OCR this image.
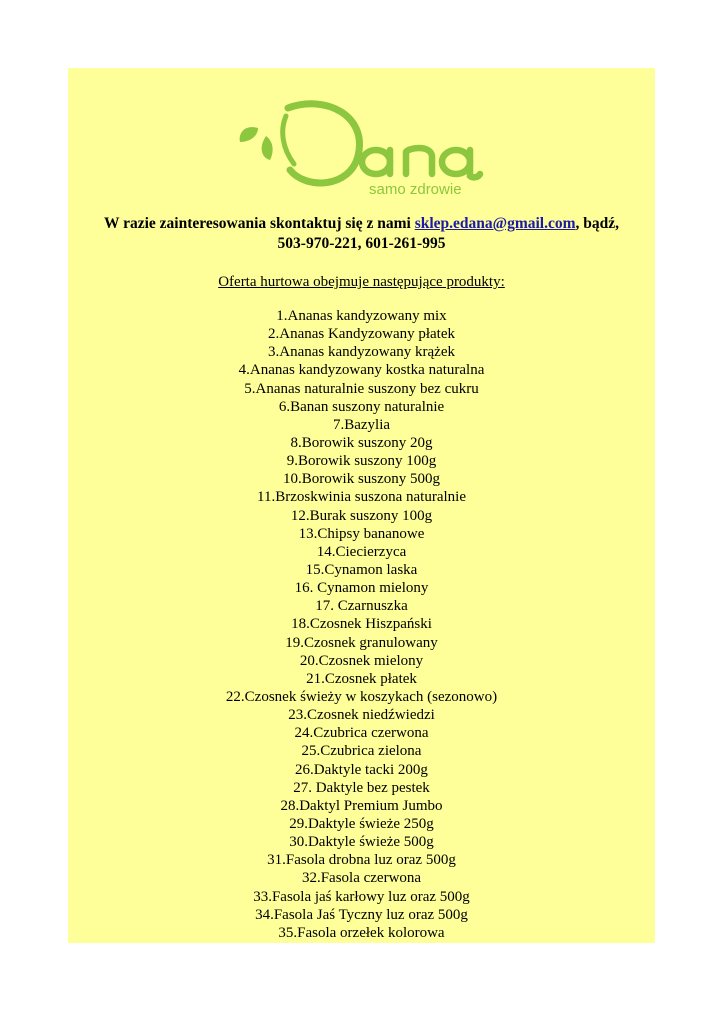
samo zdrowie
W razie zainteresowania skontaktuj się z nami sklep.edana@gmail.com, bądź,
503-970-221, 601-261-995
Oferta hurtowa obejmuje następujące produkty:
1.Ananas kandyzowany mix
2.Ananas Kandyzowany płatek
3.Ananas kandyzowany krążek
4.Ananas kandyzowany kostka naturalna
5.Ananas naturalnie suszony bez cukru
6.Banan suszony naturalnie
7.Bazylia
8.Borowik suszony 20g
9.Borowik suszony 100g
10.Borowik suszony 500g
11.Brzoskwinia suszona naturalnie
12.Burak suszony 100g
13.Chipsy bananowe
14.Ciecierzyca
15.Cynamon laska
16. Cynamon mielony
17. Czarnuszka
18.Czosnek Hiszpański
19.Czosnek granulowany
20.Czosnek mielony
21.Czosnek płatek
22.Czosnek świeży w koszykach (sezonowo)
23.Czosnek niedźwiedzi
24.Czubrica czerwona
25.Czubrica zielona
26.Daktyle tacki 200g
27. Daktyle bez pestek
28.Daktyl Premium Jumbo
29.Daktyle świeże 250g
30.Daktyle świeże 500g
31.Fasola drobna luz oraz 500g
32.Fasola czerwona
33.Fasola jaś karłowy luz oraz 500g
34.Fasola Jaś Tyczny luz oraz 500g
35.Fasola orzełek kolorowa
